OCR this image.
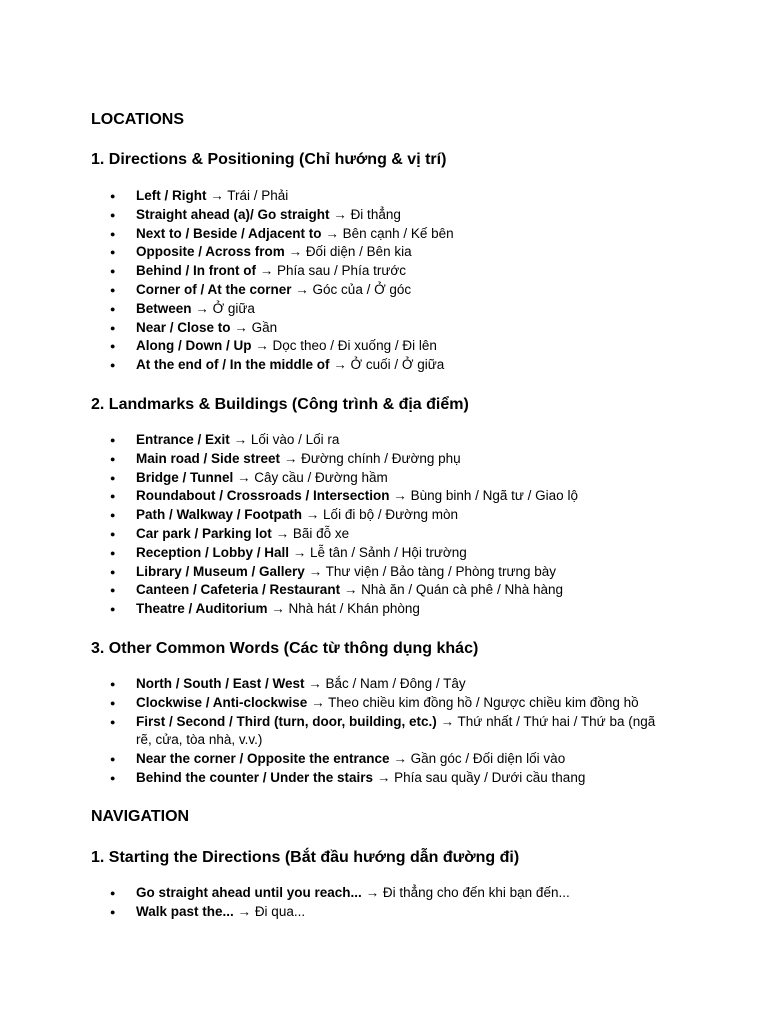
LOCATIONS
1. Directions & Positioning (Chỉ hướng & vị trí)
● Left / Right → Trái / Phải
● Straight ahead (a)/ Go straight → Đi thẳng
● Next to / Beside / Adjacent to → Bên cạnh / Kế bên
● Opposite / Across from → Đối diện / Bên kia
● Behind / In front of → Phía sau / Phía trước
● Corner of / At the corner → Góc của / Ở góc
● Between → Ở giữa
● Near / Close to → Gần
● Along / Down / Up → Dọc theo / Đi xuống / Đi lên
● At the end of / In the middle of → Ở cuối / Ở giữa
2. Landmarks & Buildings (Công trình & địa điểm)
● Entrance / Exit → Lối vào / Lối ra
● Main road / Side street → Đường chính / Đường phụ
● Bridge / Tunnel → Cây cầu / Đường hầm
● Roundabout / Crossroads / Intersection → Bùng binh / Ngã tư / Giao lộ
● Path / Walkway / Footpath → Lối đi bộ / Đường mòn
● Car park / Parking lot → Bãi đỗ xe
● Reception / Lobby / Hall → Lễ tân / Sảnh / Hội trường
● Library / Museum / Gallery → Thư viện / Bảo tàng / Phòng trưng bày
● Canteen / Cafeteria / Restaurant → Nhà ăn / Quán cà phê / Nhà hàng
● Theatre / Auditorium → Nhà hát / Khán phòng
3. Other Common Words (Các từ thông dụng khác)
● North / South / East / West → Bắc / Nam / Đông / Tây
● Clockwise / Anti-clockwise → Theo chiều kim đồng hồ / Ngược chiều kim đồng hồ
● First / Second / Third (turn, door, building, etc.) → Thứ nhất / Thứ hai / Thứ ba (ngã rẽ, cửa, tòa nhà, v.v.)
● Near the corner / Opposite the entrance → Gần góc / Đối diện lối vào
● Behind the counter / Under the stairs → Phía sau quầy / Dưới cầu thang
NAVIGATION
1. Starting the Directions (Bắt đầu hướng dẫn đường đi)
● Go straight ahead until you reach... → Đi thẳng cho đến khi bạn đến...
● Walk past the... → Đi qua...
